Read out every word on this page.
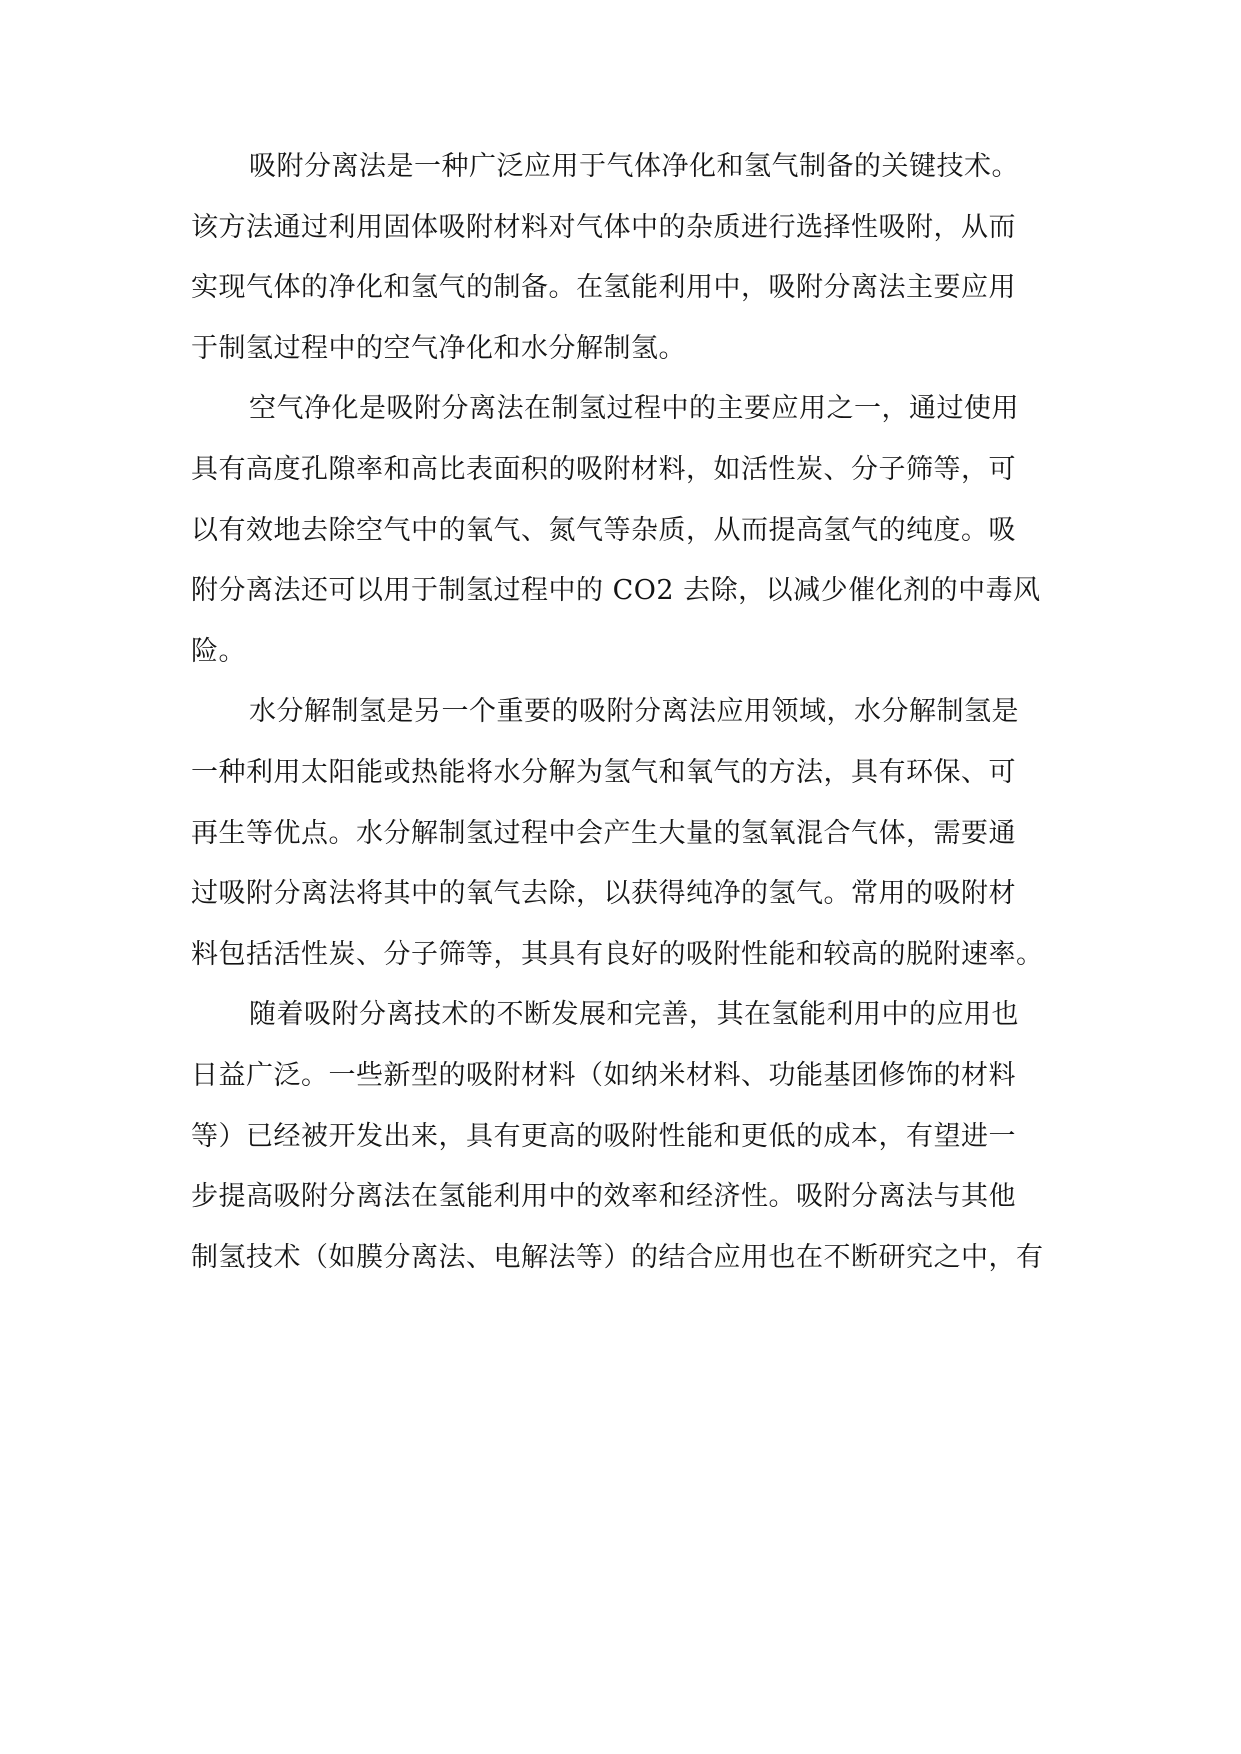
吸附分离法是一种广泛应用于气体净化和氢气制备的关键技术。
该方法通过利用固体吸附材料对气体中的杂质进行选择性吸附，从而
实现气体的净化和氢气的制备。在氢能利用中，吸附分离法主要应用
于制氢过程中的空气净化和水分解制氢。
空气净化是吸附分离法在制氢过程中的主要应用之一，通过使用
具有高度孔隙率和高比表面积的吸附材料，如活性炭、分子筛等，可
以有效地去除空气中的氧气、氮气等杂质，从而提高氢气的纯度。吸
附分离法还可以用于制氢过程中的 CO2 去除，以减少催化剂的中毒风
险。
水分解制氢是另一个重要的吸附分离法应用领域，水分解制氢是
一种利用太阳能或热能将水分解为氢气和氧气的方法，具有环保、可
再生等优点。水分解制氢过程中会产生大量的氢氧混合气体，需要通
过吸附分离法将其中的氧气去除，以获得纯净的氢气。常用的吸附材
料包括活性炭、分子筛等，其具有良好的吸附性能和较高的脱附速率。
随着吸附分离技术的不断发展和完善，其在氢能利用中的应用也
日益广泛。一些新型的吸附材料（如纳米材料、功能基团修饰的材料
等）已经被开发出来，具有更高的吸附性能和更低的成本，有望进一
步提高吸附分离法在氢能利用中的效率和经济性。吸附分离法与其他
制氢技术（如膜分离法、电解法等）的结合应用也在不断研究之中，有
